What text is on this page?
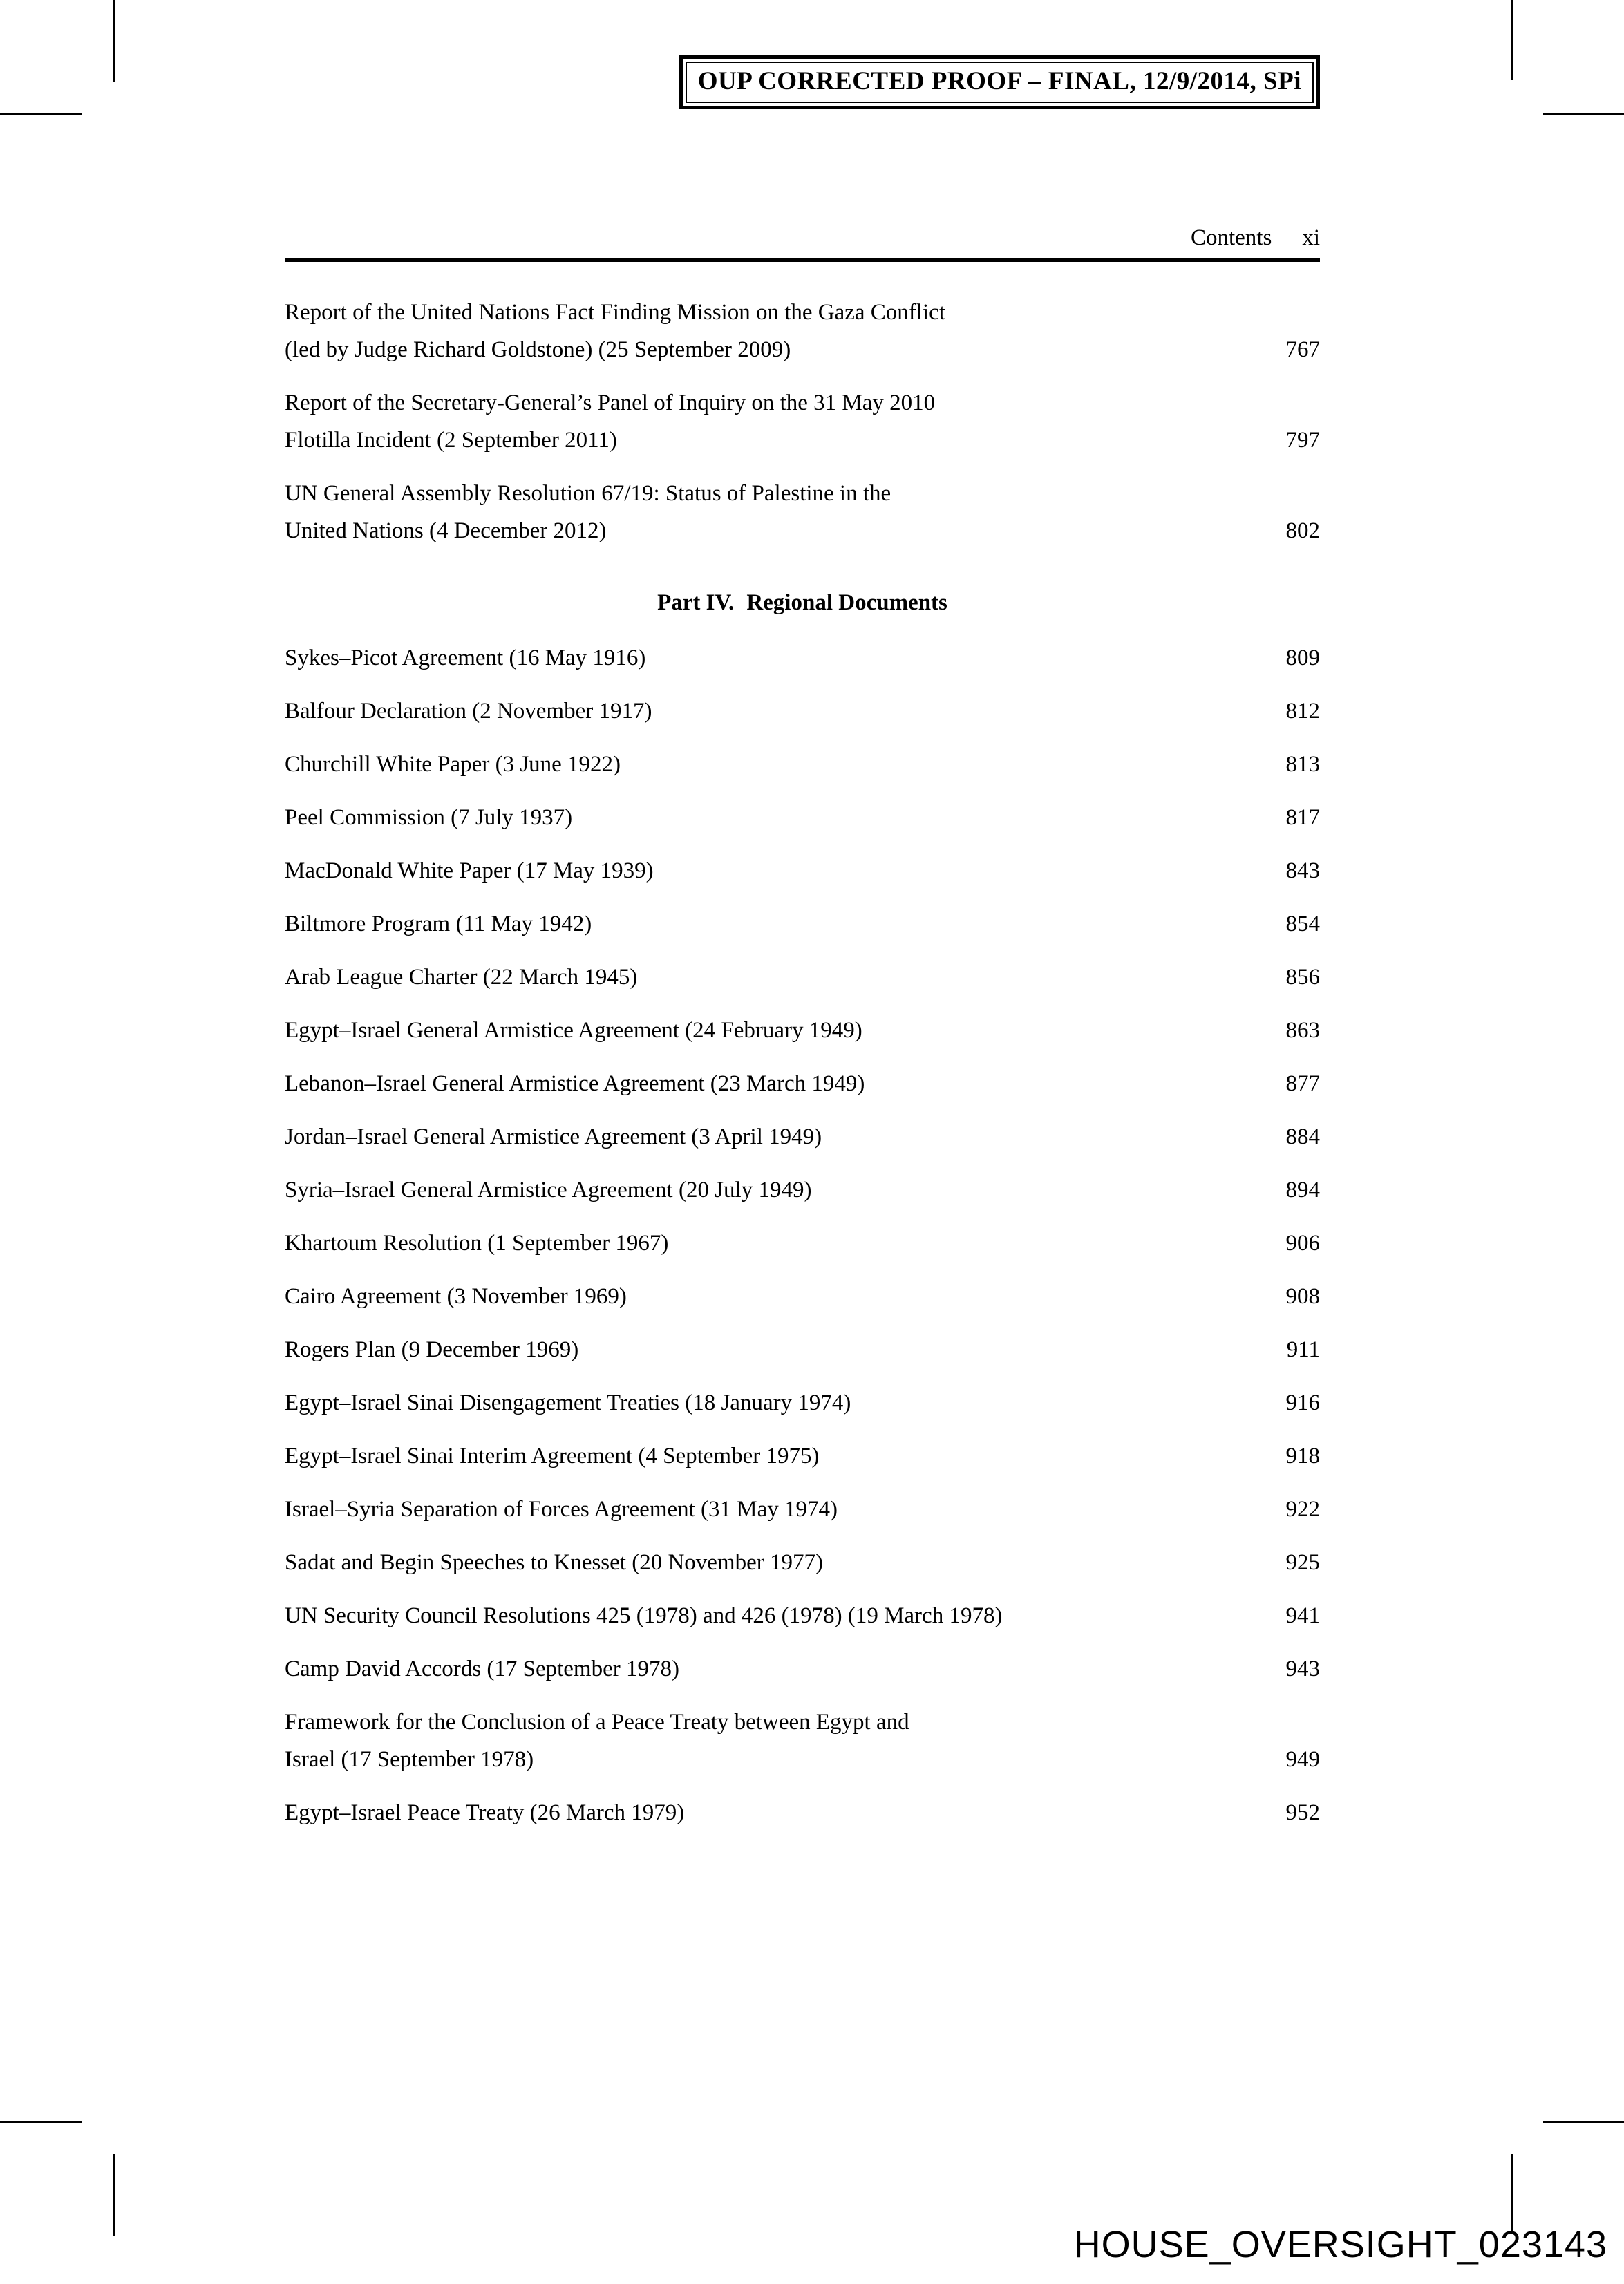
OUP CORRECTED PROOF – FINAL, 12/9/2014, SPi
Contents xi
Report of the United Nations Fact Finding Mission on the Gaza Conflict
(led by Judge Richard Goldstone) (25 September 2009)	767
Report of the Secretary-General’s Panel of Inquiry on the 31 May 2010
Flotilla Incident (2 September 2011)	797
UN General Assembly Resolution 67/19: Status of Palestine in the
United Nations (4 December 2012)	802
Part IV. Regional Documents
Sykes–Picot Agreement (16 May 1916)	809
Balfour Declaration (2 November 1917)	812
Churchill White Paper (3 June 1922)	813
Peel Commission (7 July 1937)	817
MacDonald White Paper (17 May 1939)	843
Biltmore Program (11 May 1942)	854
Arab League Charter (22 March 1945)	856
Egypt–Israel General Armistice Agreement (24 February 1949)	863
Lebanon–Israel General Armistice Agreement (23 March 1949)	877
Jordan–Israel General Armistice Agreement (3 April 1949)	884
Syria–Israel General Armistice Agreement (20 July 1949)	894
Khartoum Resolution (1 September 1967)	906
Cairo Agreement (3 November 1969)	908
Rogers Plan (9 December 1969)	911
Egypt–Israel Sinai Disengagement Treaties (18 January 1974)	916
Egypt–Israel Sinai Interim Agreement (4 September 1975)	918
Israel–Syria Separation of Forces Agreement (31 May 1974)	922
Sadat and Begin Speeches to Knesset (20 November 1977)	925
UN Security Council Resolutions 425 (1978) and 426 (1978) (19 March 1978)	941
Camp David Accords (17 September 1978)	943
Framework for the Conclusion of a Peace Treaty between Egypt and
Israel (17 September 1978)	949
Egypt–Israel Peace Treaty (26 March 1979)	952
HOUSE_OVERSIGHT_023143
